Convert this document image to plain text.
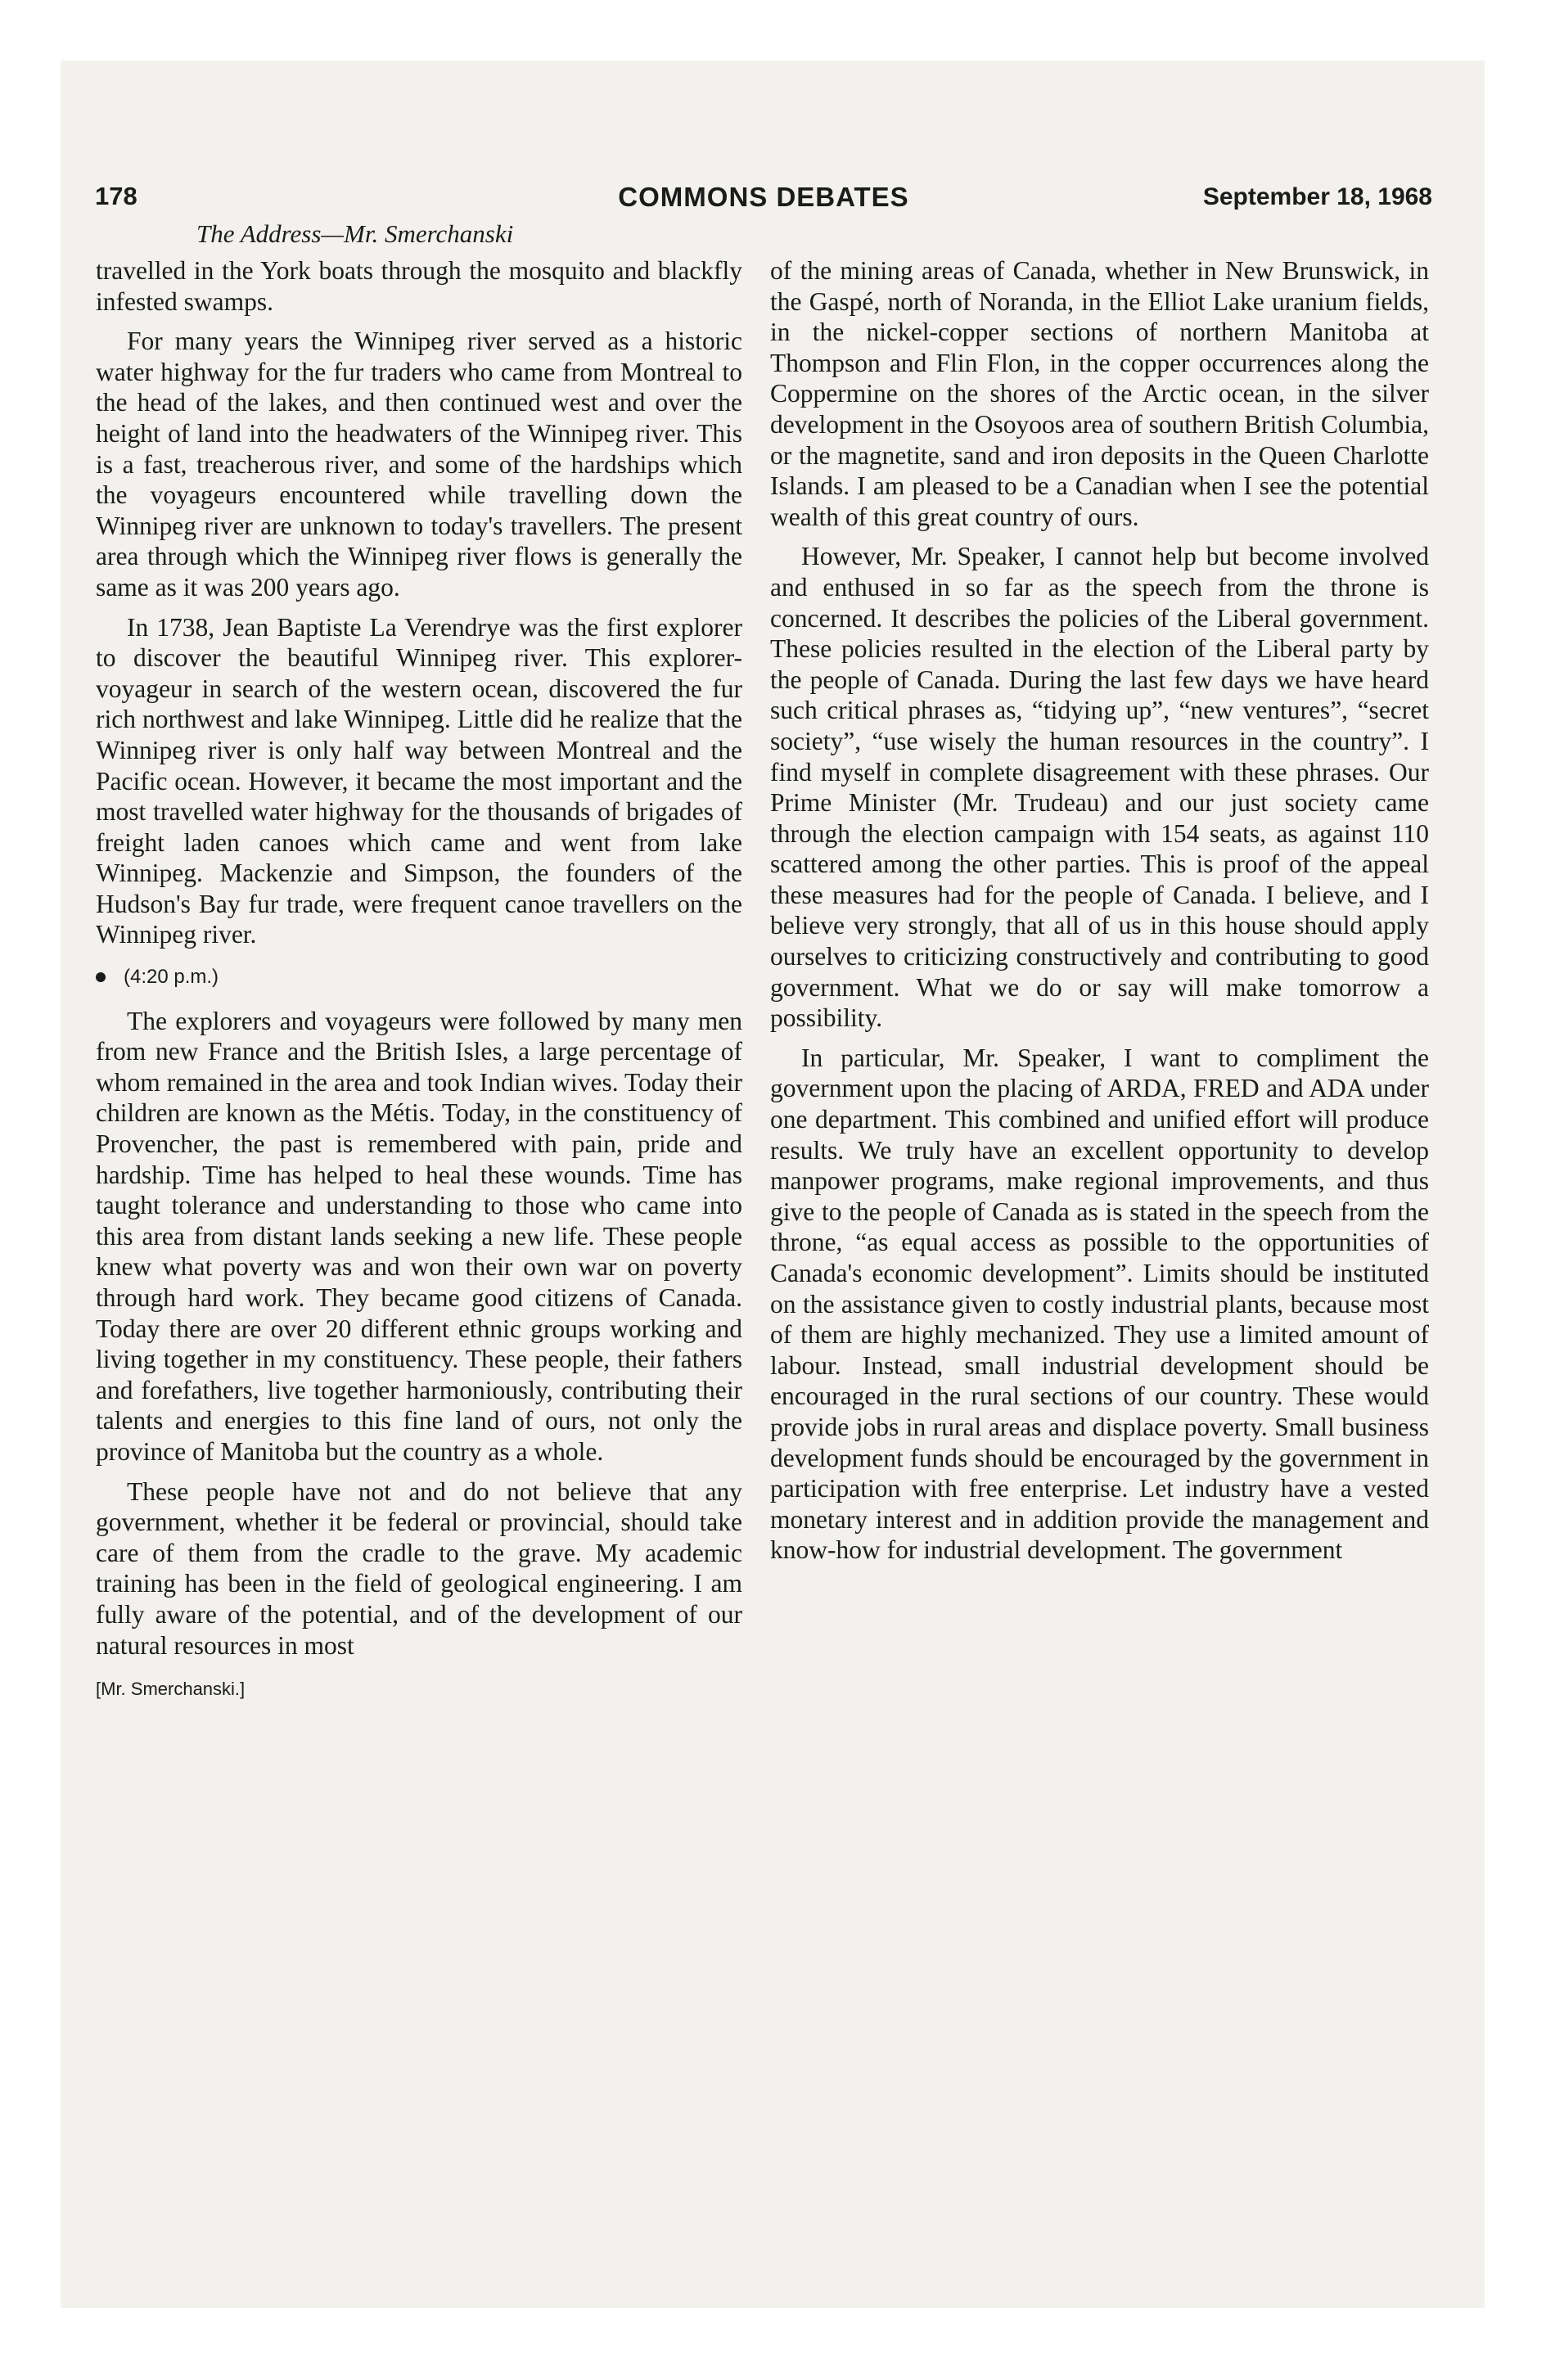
178	COMMONS DEBATES	September 18, 1968
The Address—Mr. Smerchanski

travelled in the York boats through the mosquito and blackfly infested swamps.

For many years the Winnipeg river served as a historic water highway for the fur traders who came from Montreal to the head of the lakes, and then continued west and over the height of land into the headwaters of the Winnipeg river. This is a fast, treacherous river, and some of the hardships which the voyageurs encountered while travelling down the Winnipeg river are unknown to today's travellers. The present area through which the Winnipeg river flows is generally the same as it was 200 years ago.

In 1738, Jean Baptiste La Verendrye was the first explorer to discover the beautiful Winnipeg river. This explorer-voyageur in search of the western ocean, discovered the fur rich northwest and lake Winnipeg. Little did he realize that the Winnipeg river is only half way between Montreal and the Pacific ocean. However, it became the most important and the most travelled water highway for the thousands of brigades of freight laden canoes which came and went from lake Winnipeg. Mackenzie and Simpson, the founders of the Hudson's Bay fur trade, were frequent canoe travellers on the Winnipeg river.

(4:20 p.m.)

The explorers and voyageurs were followed by many men from new France and the British Isles, a large percentage of whom remained in the area and took Indian wives. Today their children are known as the Métis. Today, in the constituency of Provencher, the past is remembered with pain, pride and hardship. Time has helped to heal these wounds. Time has taught tolerance and understanding to those who came into this area from distant lands seeking a new life. These people knew what poverty was and won their own war on poverty through hard work. They became good citizens of Canada. Today there are over 20 different ethnic groups working and living together in my constituency. These people, their fathers and forefathers, live together harmoniously, contributing their talents and energies to this fine land of ours, not only the province of Manitoba but the country as a whole.

These people have not and do not believe that any government, whether it be federal or provincial, should take care of them from the cradle to the grave. My academic training has been in the field of geological engineering. I am fully aware of the potential, and of the development of our natural resources in most

[Mr. Smerchanski.]

of the mining areas of Canada, whether in New Brunswick, in the Gaspé, north of Noranda, in the Elliot Lake uranium fields, in the nickel-copper sections of northern Manitoba at Thompson and Flin Flon, in the copper occurrences along the Coppermine on the shores of the Arctic ocean, in the silver development in the Osoyoos area of southern British Columbia, or the magnetite, sand and iron deposits in the Queen Charlotte Islands. I am pleased to be a Canadian when I see the potential wealth of this great country of ours.

However, Mr. Speaker, I cannot help but become involved and enthused in so far as the speech from the throne is concerned. It describes the policies of the Liberal government. These policies resulted in the election of the Liberal party by the people of Canada. During the last few days we have heard such critical phrases as, “tidying up”, “new ventures”, “secret society”, “use wisely the human resources in the country”. I find myself in complete disagreement with these phrases. Our Prime Minister (Mr. Trudeau) and our just society came through the election campaign with 154 seats, as against 110 scattered among the other parties. This is proof of the appeal these measures had for the people of Canada. I believe, and I believe very strongly, that all of us in this house should apply ourselves to criticizing constructively and contributing to good government. What we do or say will make tomorrow a possibility.

In particular, Mr. Speaker, I want to compliment the government upon the placing of ARDA, FRED and ADA under one department. This combined and unified effort will produce results. We truly have an excellent opportunity to develop manpower programs, make regional improvements, and thus give to the people of Canada as is stated in the speech from the throne, “as equal access as possible to the opportunities of Canada's economic development”. Limits should be instituted on the assistance given to costly industrial plants, because most of them are highly mechanized. They use a limited amount of labour. Instead, small industrial development should be encouraged in the rural sections of our country. These would provide jobs in rural areas and displace poverty. Small business development funds should be encouraged by the government in participation with free enterprise. Let industry have a vested monetary interest and in addition provide the management and know-how for industrial development. The government
